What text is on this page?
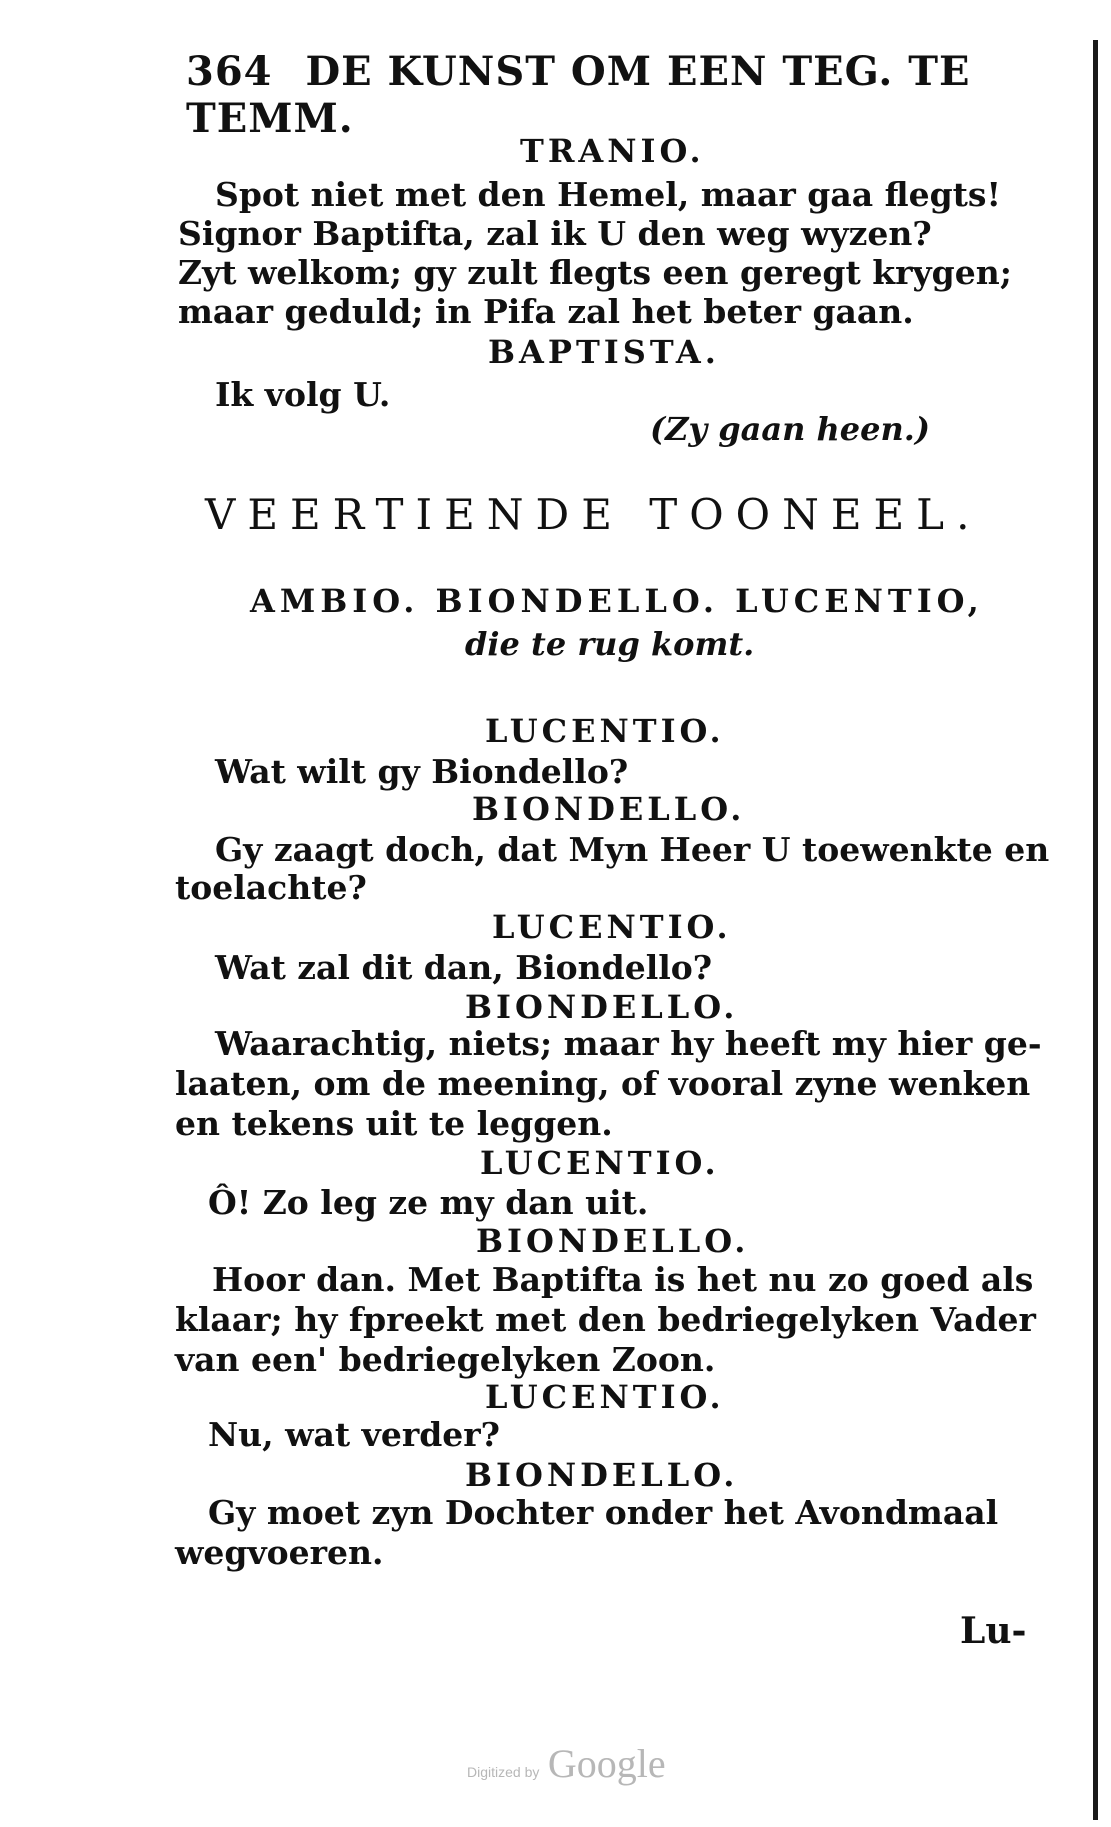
364 DE KUNST OM EEN TEG. TE TEMM.
TRANIO.
Spot niet met den Hemel, maar gaa flegts!
Signor Baptifta, zal ik U den weg wyzen?
Zyt welkom; gy zult flegts een geregt krygen;
maar geduld; in Pifa zal het beter gaan.
BAPTISTA.
Ik volg U.
(Zy gaan heen.)
VEERTIENDE TOONEEL.
AMBIO. BIONDELLO. LUCENTIO,
die te rug komt.
LUCENTIO.
Wat wilt gy Biondello?
BIONDELLO.
Gy zaagt doch, dat Myn Heer U toewenkte en
toelachte?
LUCENTIO.
Wat zal dit dan, Biondello?
BIONDELLO.
Waarachtig, niets; maar hy heeft my hier ge-
laaten, om de meening, of vooral zyne wenken
en tekens uit te leggen.
LUCENTIO.
Ô! Zo leg ze my dan uit.
BIONDELLO.
Hoor dan. Met Baptifta is het nu zo goed als
klaar; hy fpreekt met den bedriegelyken Vader
van een' bedriegelyken Zoon.
LUCENTIO.
Nu, wat verder?
BIONDELLO.
Gy moet zyn Dochter onder het Avondmaal
wegvoeren.
Lu-
Digitized by Google
